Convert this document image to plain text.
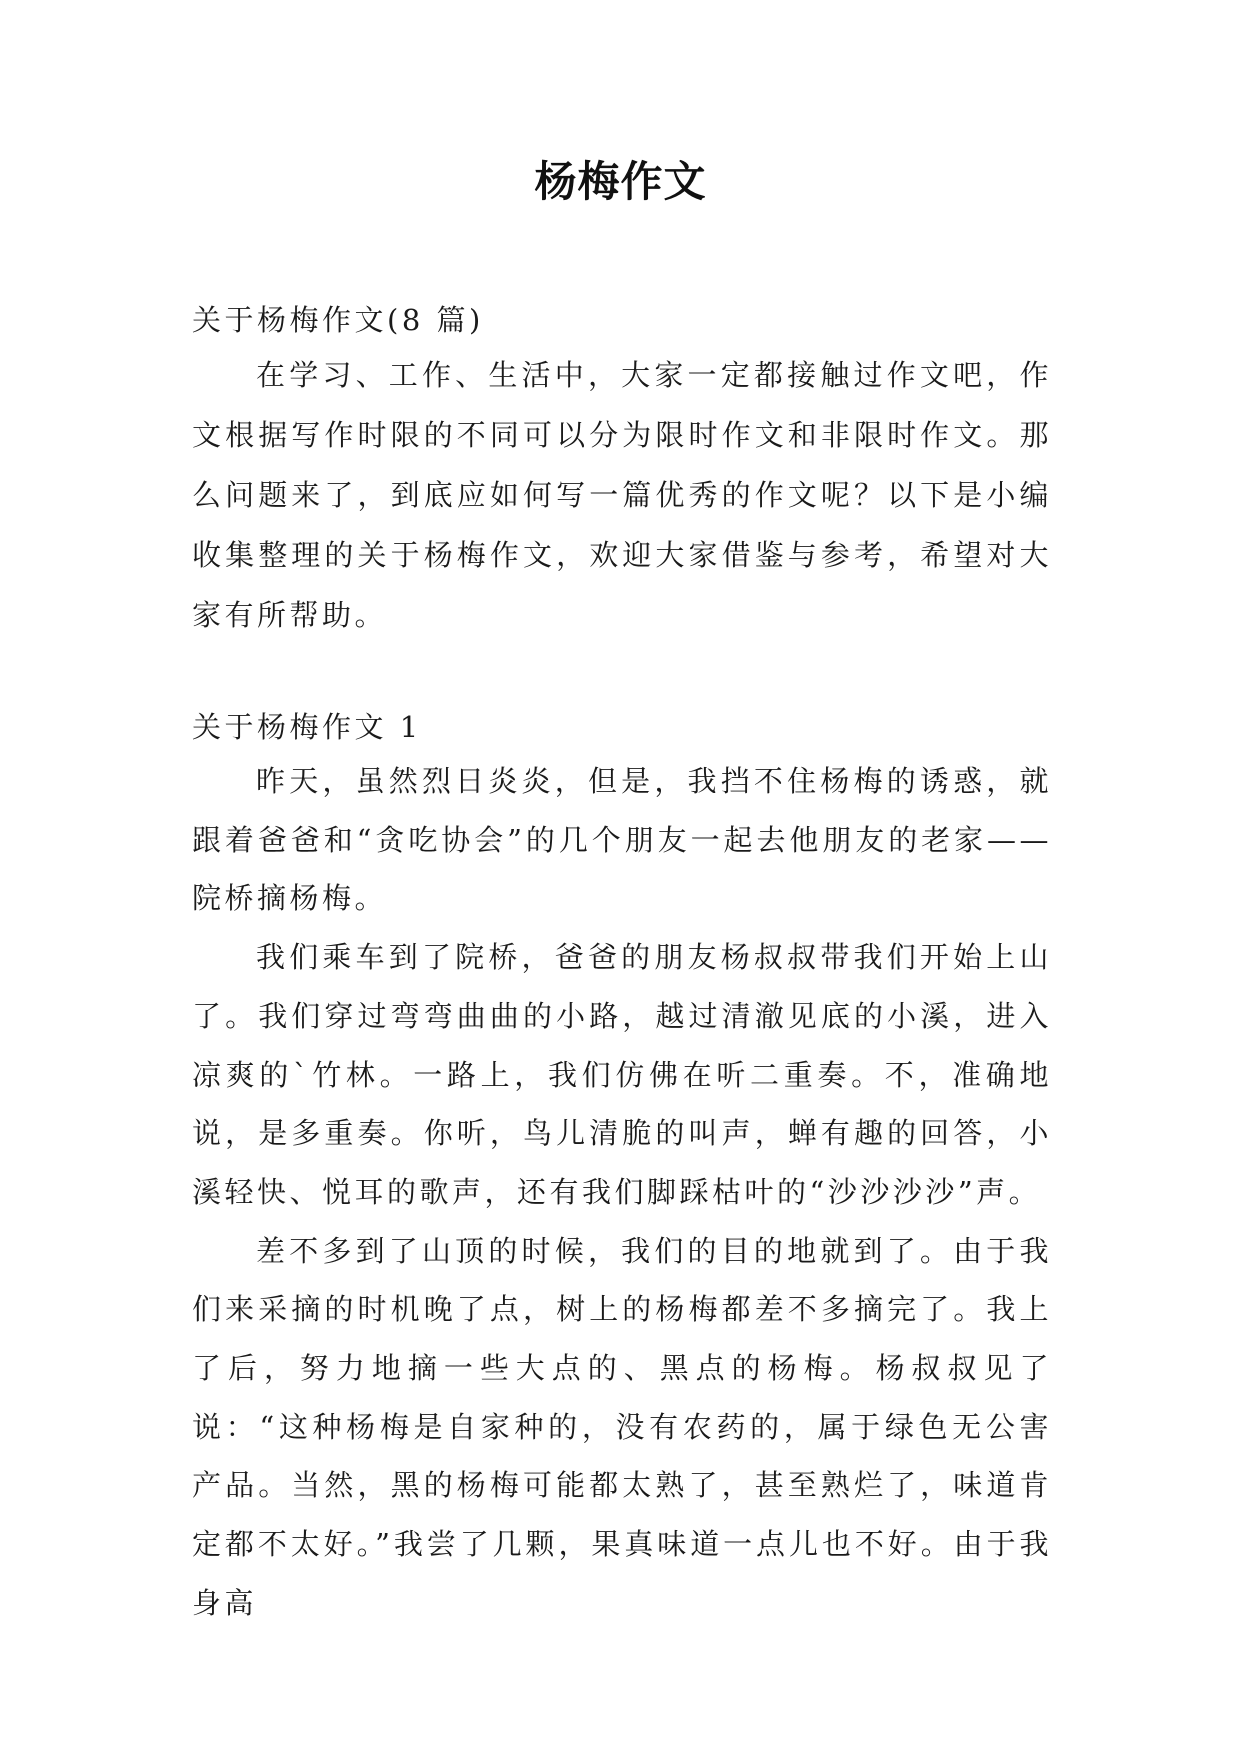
杨梅作文
关于杨梅作文(8 篇)
在学习、工作、生活中，大家一定都接触过作文吧，作文根据写作时限的不同可以分为限时作文和非限时作文。那么问题来了，到底应如何写一篇优秀的作文呢？以下是小编收集整理的关于杨梅作文，欢迎大家借鉴与参考，希望对大家有所帮助。
关于杨梅作文 1

昨天，虽然烈日炎炎，但是，我挡不住杨梅的诱惑，就跟着爸爸和“贪吃协会”的几个朋友一起去他朋友的老家——院桥摘杨梅。

我们乘车到了院桥，爸爸的朋友杨叔叔带我们开始上山了。我们穿过弯弯曲曲的小路，越过清澈见底的小溪，进入凉爽的`竹林。一路上，我们仿佛在听二重奏。不，准确地说，是多重奏。你听，鸟儿清脆的叫声，蝉有趣的回答，小溪轻快、悦耳的歌声，还有我们脚踩枯叶的“沙沙沙沙”声。

差不多到了山顶的时候，我们的目的地就到了。由于我们来采摘的时机晚了点，树上的杨梅都差不多摘完了。我上了后，努力地摘一些大点的、黑点的杨梅。杨叔叔见了说：“这种杨梅是自家种的，没有农药的，属于绿色无公害产品。当然，黑的杨梅可能都太熟了，甚至熟烂了，味道肯定都不太好。”我尝了几颗，果真味道一点儿也不好。由于我身高
